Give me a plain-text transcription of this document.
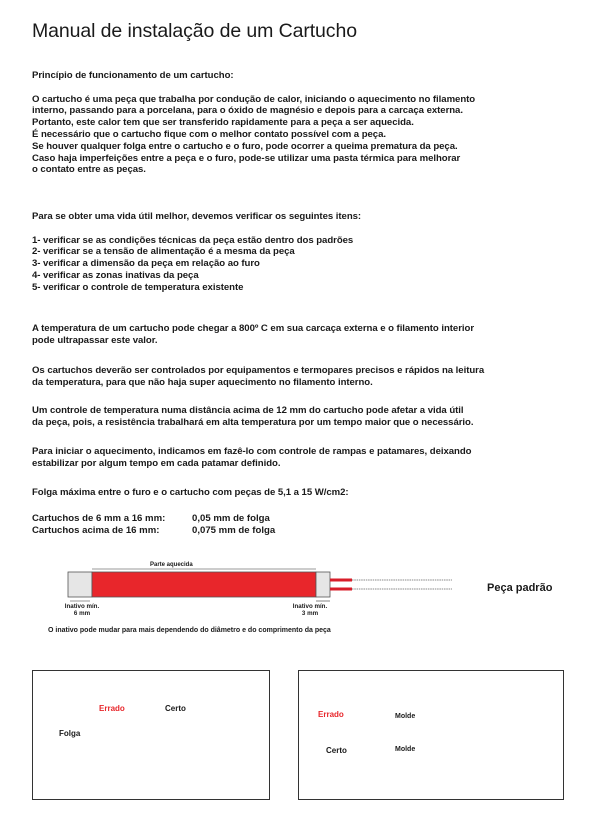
Manual de instalação de um Cartucho
Princípio de funcionamento de um cartucho:
O cartucho é uma peça que trabalha por condução de calor, iniciando o aquecimento no filamento
interno, passando para a porcelana, para o óxido de magnésio e depois para a carcaça externa.
Portanto, este calor tem que ser transferido rapidamente para a peça a ser aquecida.
É necessário que o cartucho fique com o melhor contato possível com a peça.
Se houver qualquer folga entre o cartucho e o furo, pode ocorrer a queima prematura da peça.
Caso haja imperfeições entre a peça e o furo, pode-se utilizar uma pasta térmica para melhorar
o contato entre as peças.
Para se obter uma vida útil melhor, devemos verificar os seguintes itens:
1- verificar se as condições técnicas da peça estão dentro dos padrões
2- verificar se a tensão de alimentação é a mesma da peça
3- verificar a dimensão da peça em relação ao furo
4- verificar as zonas inativas da peça
5- verificar o controle de temperatura existente
A temperatura de um cartucho pode chegar a 800º C em sua carcaça externa e o filamento interior
pode ultrapassar este valor.
Os cartuchos deverão ser controlados por equipamentos e termopares precisos e rápidos na leitura
da temperatura, para que não haja super aquecimento no filamento interno.
Um controle de temperatura numa distância acima de 12 mm do cartucho pode afetar a vida útil
da peça, pois, a resistência trabalhará em alta temperatura por um tempo maior que o necessário.
Para iniciar o aquecimento, indicamos em fazê-lo com controle de rampas e patamares, deixando
estabilizar por algum tempo em cada patamar definido.
Folga máxima entre o furo e o cartucho com peças de 5,1 a 15 W/cm2:
Cartuchos de 6 mm a 16 mm:	0,05 mm de folga
Cartuchos acima de 16 mm:	0,075 mm de folga
Parte aquecida
Inativo mín.
6 mm
Inativo mín.
3 mm
Peça padrão
O inativo pode mudar para mais dependendo do diâmetro e do comprimento da peça
Errado	Certo
Folga
Errado	Molde
Certo	Molde
